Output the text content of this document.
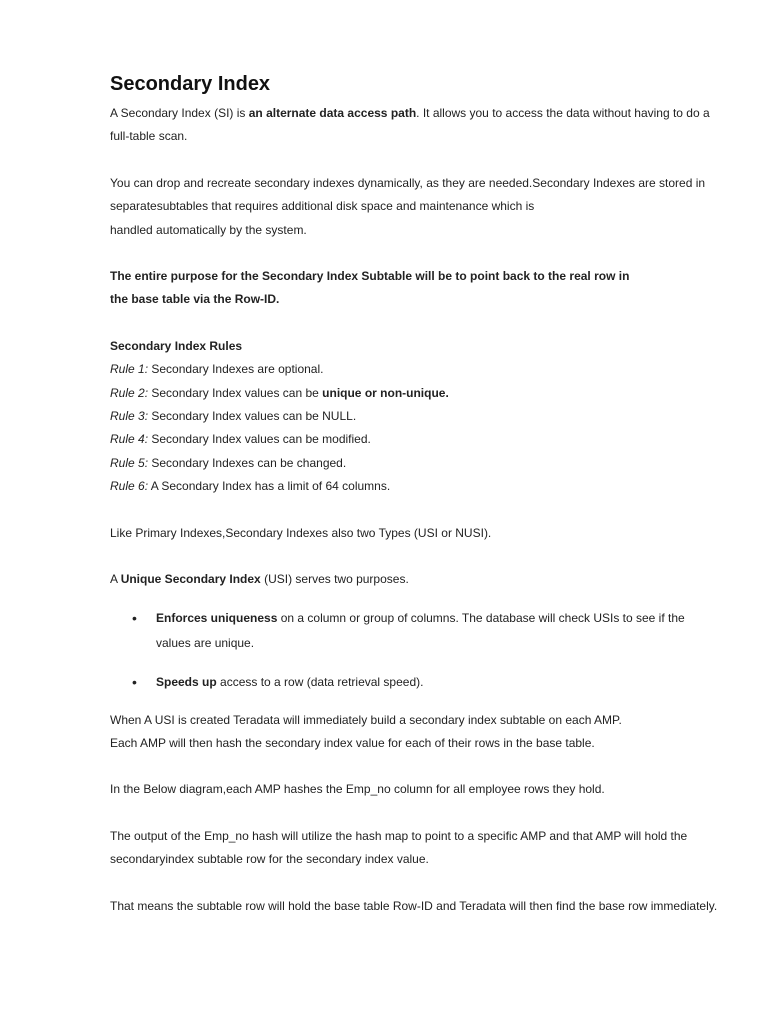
Secondary Index

A Secondary Index (SI) is an alternate data access path. It allows you to access the data without having to do a full-table scan.

You can drop and recreate secondary indexes dynamically, as they are needed.Secondary Indexes are stored in separatesubtables that requires additional disk space and maintenance which is
handled automatically by the system.

The entire purpose for the Secondary Index Subtable will be to point back to the real row in
the base table via the Row-ID.

Secondary Index Rules

Rule 1: Secondary Indexes are optional.

Rule 2: Secondary Index values can be unique or non-unique.

Rule 3: Secondary Index values can be NULL.

Rule 4: Secondary Index values can be modified.

Rule 5: Secondary Indexes can be changed.

Rule 6: A Secondary Index has a limit of 64 columns.

Like Primary Indexes,Secondary Indexes also two Types (USI or NUSI).

A Unique Secondary Index (USI) serves two purposes.

• Enforces uniqueness on a column or group of columns. The database will check USIs to see if the values are unique.
• Speeds up access to a row (data retrieval speed).

When A USI is created Teradata will immediately build a secondary index subtable on each AMP.
Each AMP will then hash the secondary index value for each of their rows in the base table.

In the Below diagram,each AMP hashes the Emp_no column for all employee rows they hold.

The output of the Emp_no hash will utilize the hash map to point to a specific AMP and that AMP will hold the secondaryindex subtable row for the secondary index value.

That means the subtable row will hold the base table Row-ID and Teradata will then find the base row immediately.
